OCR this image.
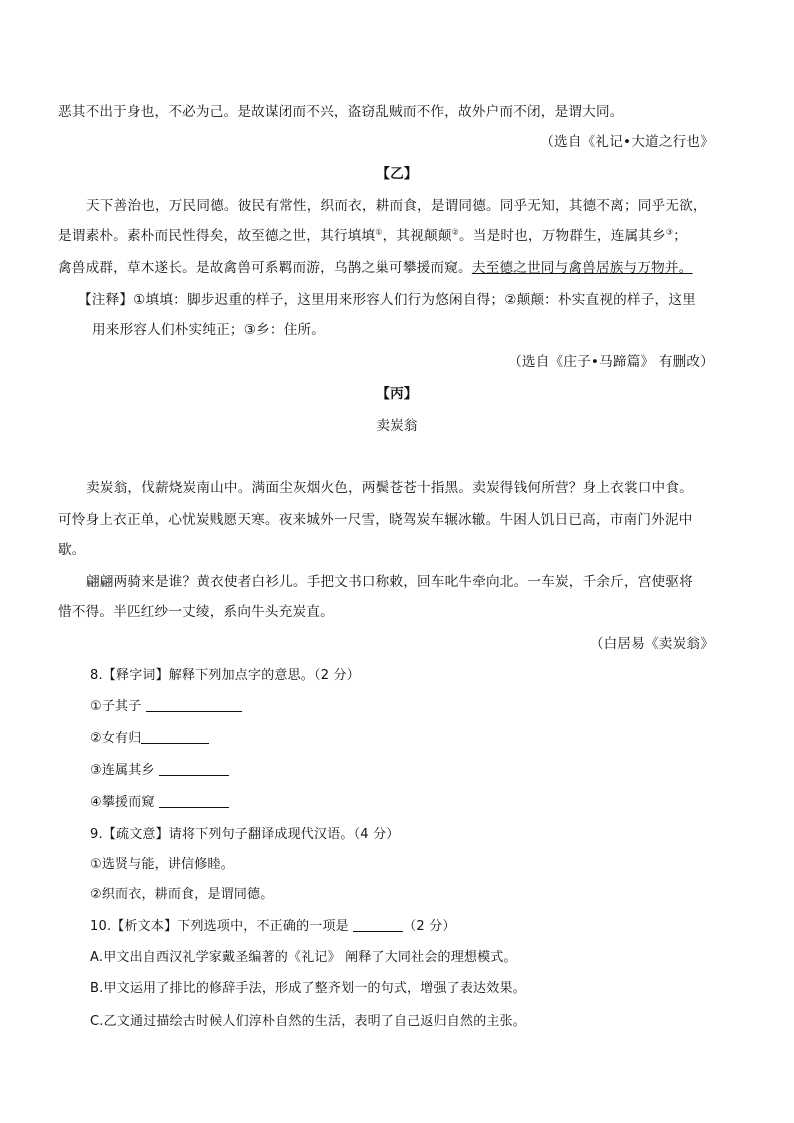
恶其不出于身也，不必为己。是故谋闭而不兴，盗窃乱贼而不作，故外户而不闭，是谓大同。
（选自《礼记•大道之行也》
【乙】
天下善治也，万民同德。彼民有常性，织而衣，耕而食，是谓同德。同乎无知，其德不离；同乎无欲，
是谓素朴。素朴而民性得矣，故至德之世，其行填填①，其视颠颠②。当是时也，万物群生，连属其乡③；
禽兽成群，草木遂长。是故禽兽可系羁而游，乌鹊之巢可攀援而窥。夫至德之世同与禽兽居族与万物并。
【注释】①填填：脚步迟重的样子，这里用来形容人们行为悠闲自得；②颠颠：朴实直视的样子，这里
用来形容人们朴实纯正；③乡：住所。
（选自《庄子•马蹄篇》 有删改）
【丙】
卖炭翁
卖炭翁，伐薪烧炭南山中。满面尘灰烟火色，两鬓苍苍十指黑。卖炭得钱何所营？身上衣裳口中食。
可怜身上衣正单，心忧炭贱愿天寒。夜来城外一尺雪，晓驾炭车辗冰辙。牛困人饥日已高，市南门外泥中
歇。
翩翩两骑来是谁？黄衣使者白衫儿。手把文书口称敕，回车叱牛牵向北。一车炭，千余斤，宫使驱将
惜不得。半匹红纱一丈绫，系向牛头充炭直。
（白居易《卖炭翁》
8.【释字词】解释下列加点字的意思。（2 分）
①子其子
②女有归
③连属其乡
④攀援而窥
9.【疏文意】请将下列句子翻译成现代汉语。（4 分）
①选贤与能，讲信修睦。
②织而衣，耕而食，是谓同德。
10.【析文本】下列选项中，不正确的一项是	（2 分）
A.甲文出自西汉礼学家戴圣编著的《礼记》 阐释了大同社会的理想模式。
B.甲文运用了排比的修辞手法，形成了整齐划一的句式，增强了表达效果。
C.乙文通过描绘古时候人们淳朴自然的生活，表明了自己返归自然的主张。
